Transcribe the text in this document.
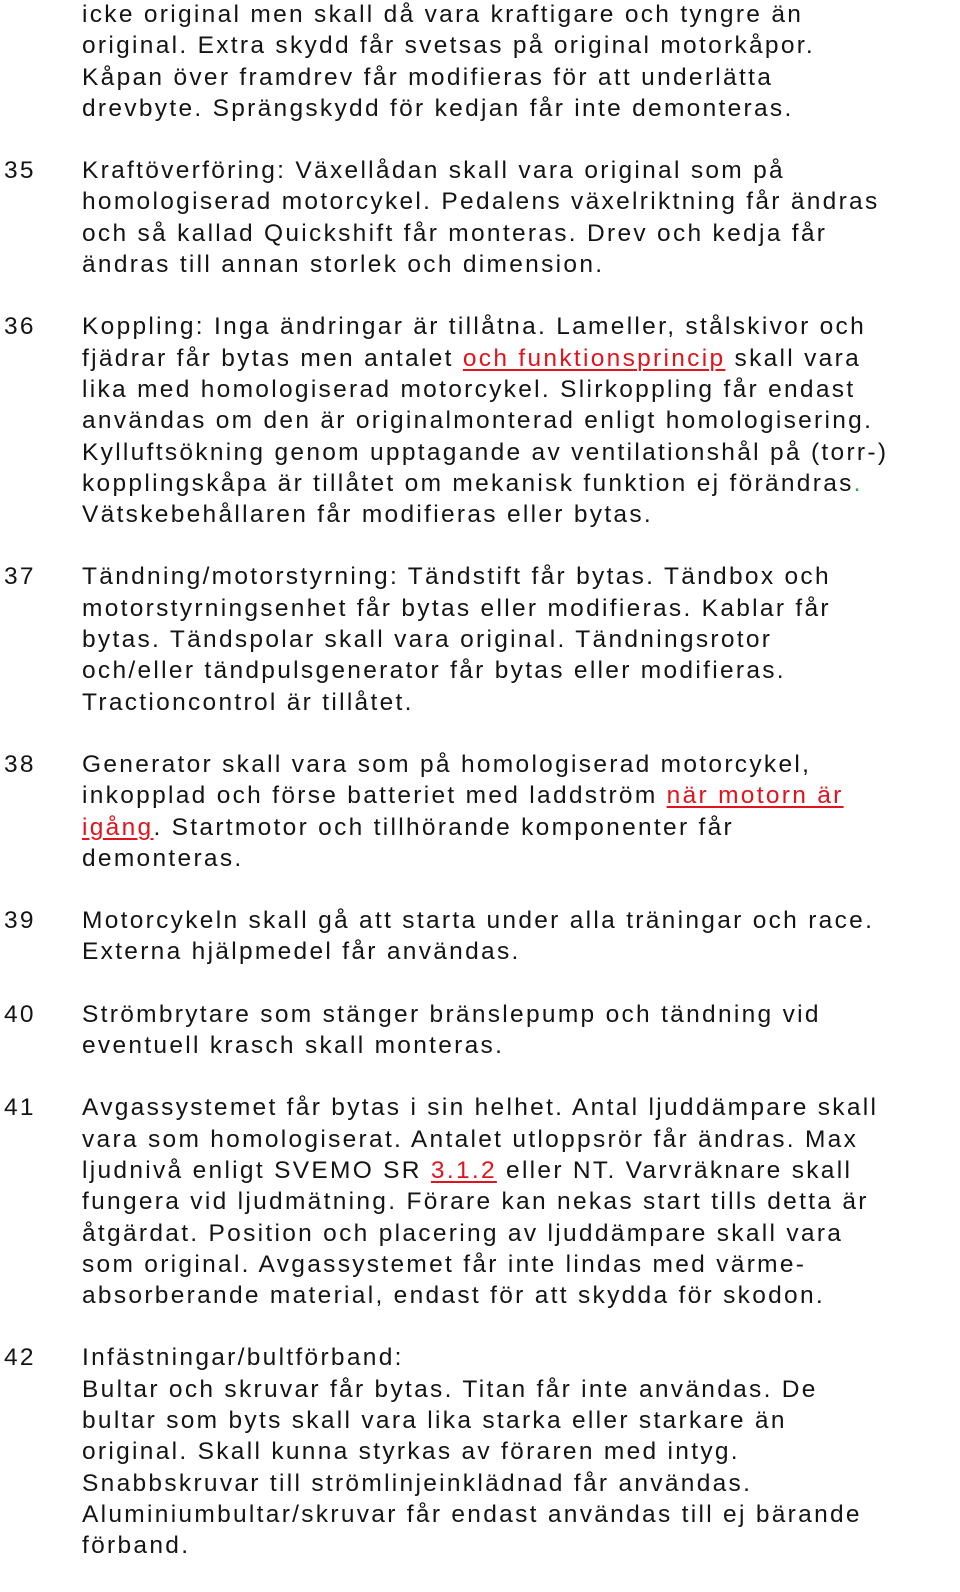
icke original men skall då vara kraftigare och tyngre än
original. Extra skydd får svetsas på original motorkåpor.
Kåpan över framdrev får modifieras för att underlätta
drevbyte. Sprängskydd för kedjan får inte demonteras.
35	Kraftöverföring: Växellådan skall vara original som på
homologiserad motorcykel. Pedalens växelriktning får ändras
och så kallad Quickshift får monteras. Drev och kedja får
ändras till annan storlek och dimension.
36	Koppling: Inga ändringar är tillåtna. Lameller, stålskivor och
fjädrar får bytas men antalet och funktionsprincip skall vara
lika med homologiserad motorcykel. Slirkoppling får endast
användas om den är originalmonterad enligt homologisering.
Kylluftsökning genom upptagande av ventilationshål på (torr-)
kopplingskåpa är tillåtet om mekanisk funktion ej förändras.
Vätskebehållaren får modifieras eller bytas.
37	Tändning/motorstyrning: Tändstift får bytas. Tändbox och
motorstyrningsenhet får bytas eller modifieras. Kablar får
bytas. Tändspolar skall vara original. Tändningsrotor
och/eller tändpulsgenerator får bytas eller modifieras.
Tractioncontrol är tillåtet.
38	Generator skall vara som på homologiserad motorcykel,
inkopplad och förse batteriet med laddström när motorn är
igång. Startmotor och tillhörande komponenter får
demonteras.
39	Motorcykeln skall gå att starta under alla träningar och race.
Externa hjälpmedel får användas.
40	Strömbrytare som stänger bränslepump och tändning vid
eventuell krasch skall monteras.
41	Avgassystemet får bytas i sin helhet. Antal ljuddämpare skall
vara som homologiserat. Antalet utloppsrör får ändras. Max
ljudnivå enligt SVEMO SR 3.1.2 eller NT. Varvräknare skall
fungera vid ljudmätning. Förare kan nekas start tills detta är
åtgärdat. Position och placering av ljuddämpare skall vara
som original. Avgassystemet får inte lindas med värme-
absorberande material, endast för att skydda för skodon.
42	Infästningar/bultförband:
Bultar och skruvar får bytas. Titan får inte användas. De
bultar som byts skall vara lika starka eller starkare än
original. Skall kunna styrkas av föraren med intyg.
Snabbskruvar till strömlinjeinklädnad får användas.
Aluminiumbultar/skruvar får endast användas till ej bärande
förband.
